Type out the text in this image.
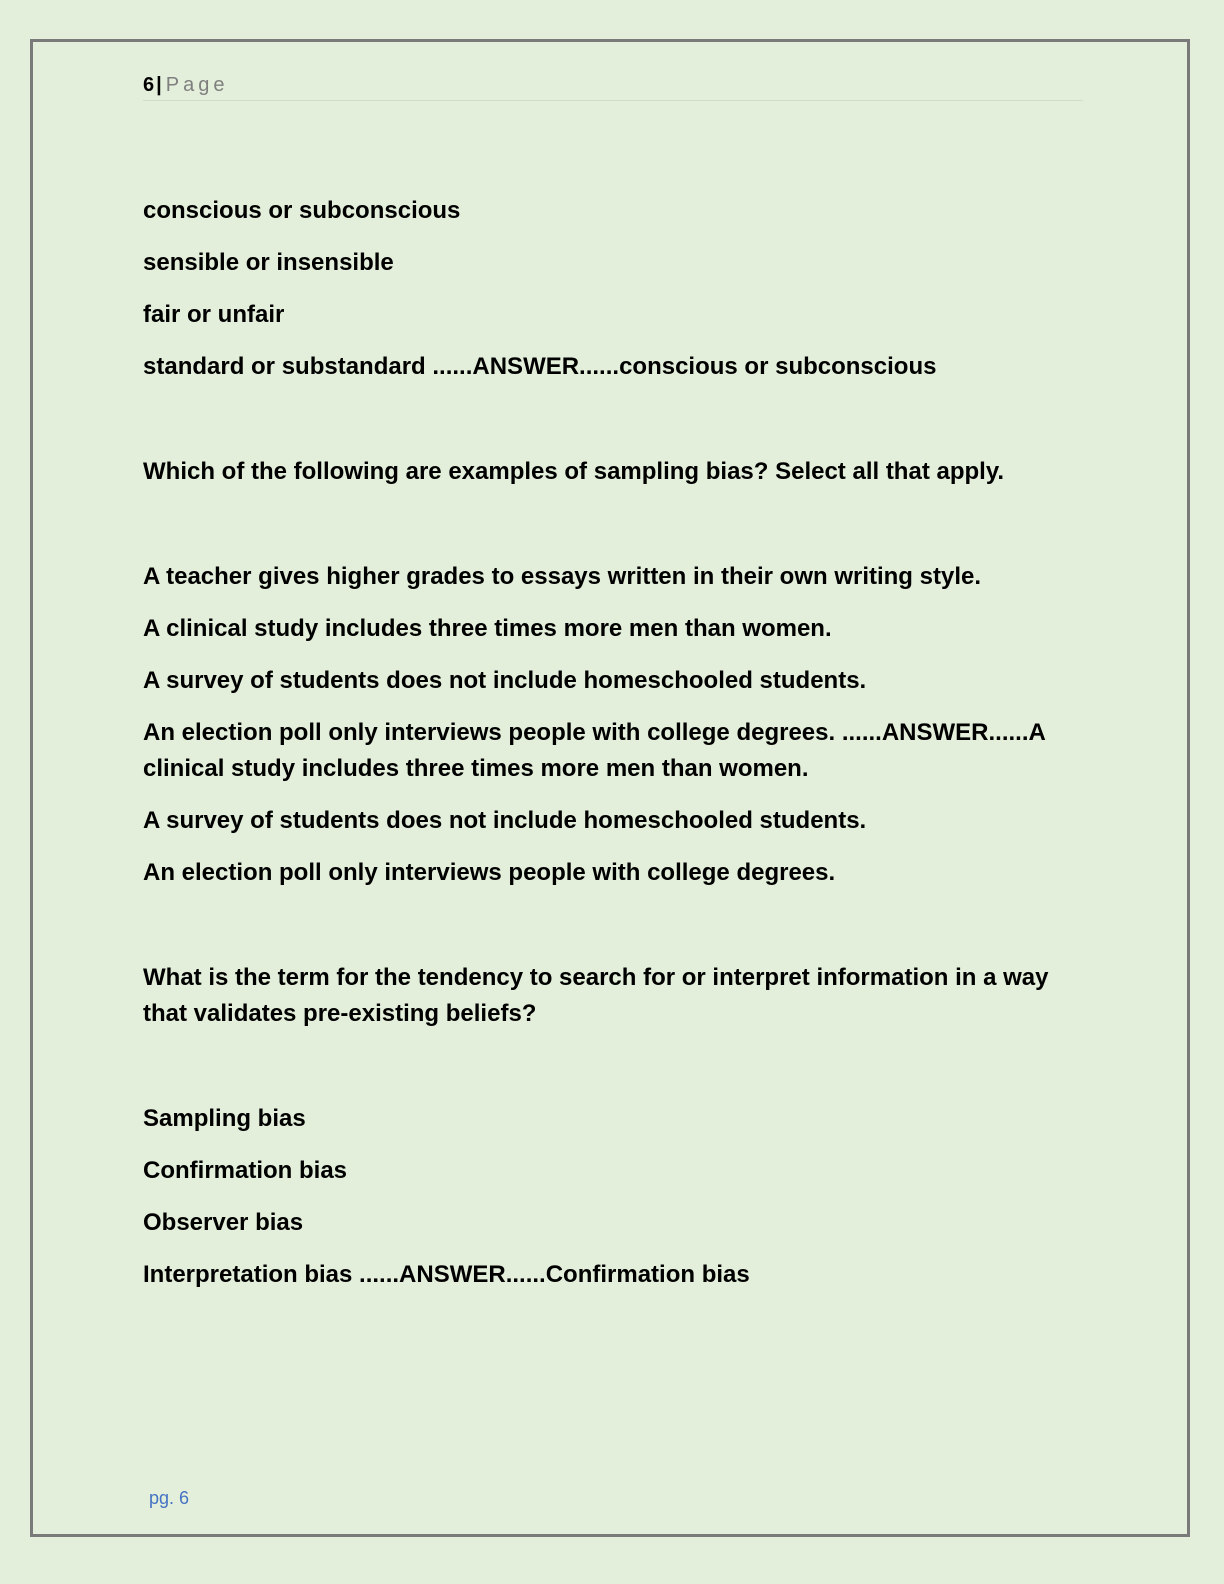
6 | Page
conscious or subconscious
sensible or insensible
fair or unfair
standard or substandard ......ANSWER......conscious or subconscious
Which of the following are examples of sampling bias? Select all that apply.
A teacher gives higher grades to essays written in their own writing style.
A clinical study includes three times more men than women.
A survey of students does not include homeschooled students.
An election poll only interviews people with college degrees. ......ANSWER......A clinical study includes three times more men than women.
A survey of students does not include homeschooled students.
An election poll only interviews people with college degrees.
What is the term for the tendency to search for or interpret information in a way that validates pre-existing beliefs?
Sampling bias
Confirmation bias
Observer bias
Interpretation bias ......ANSWER......Confirmation bias
pg. 6
